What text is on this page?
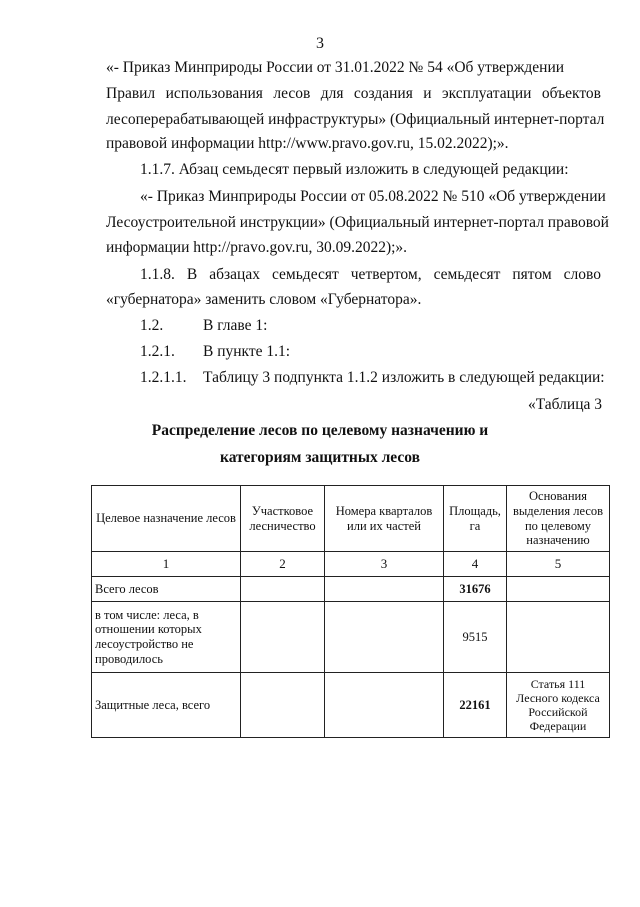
3
«- Приказ Минприроды России от 31.01.2022 № 54 «Об утверждении
Правил использования лесов для создания и эксплуатации объектов
лесоперерабатывающей инфраструктуры» (Официальный интернет-портал
правовой информации http://www.pravo.gov.ru, 15.02.2022);».
1.1.7. Абзац семьдесят первый изложить в следующей редакции:
«- Приказ Минприроды России от 05.08.2022 № 510 «Об утверждении
Лесоустроительной инструкции» (Официальный интернет-портал правовой
информации http://pravo.gov.ru, 30.09.2022);».
1.1.8. В абзацах семьдесят четвертом, семьдесят пятом слово
«губернатора» заменить словом «Губернатора».
1.2.	В главе 1:
1.2.1. В пункте 1.1:
1.2.1.1. Таблицу 3 подпункта 1.1.2 изложить в следующей редакции:
«Таблица 3
Распределение лесов по целевому назначению и
категориям защитных лесов
Целевое назначение лесов	Участковое лесничество	Номера кварталов или их частей	Площадь, га	Основания выделения лесов по целевому назначению
1	2	3	4	5
Всего лесов			31676	
в том числе: леса, в отношении которых лесоустройство не проводилось			9515	
Защитные леса, всего			22161	Статья 111 Лесного кодекса Российской Федерации
